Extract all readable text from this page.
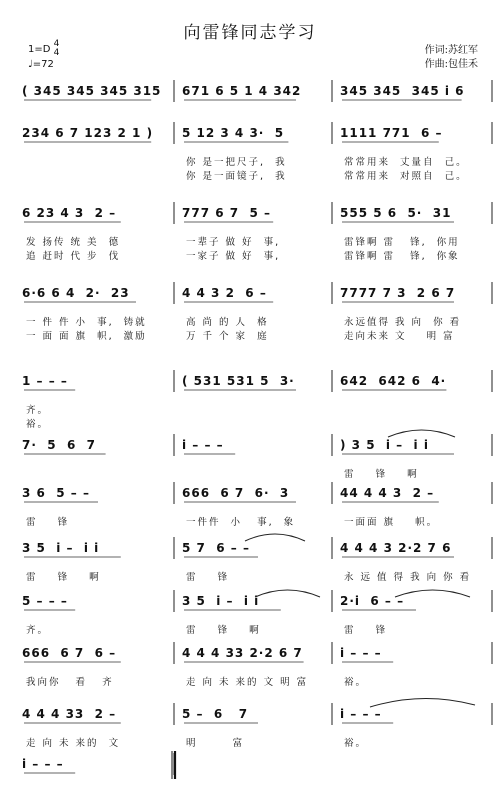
向雷锋同志学习
1=D 4
4
♩=72
作词:苏红军
作曲:包佳禾
( 345 345 345 315 671 6 5 1 4 342	345 345  345 i 6
234 6 7 123 2 1 ) 5 12 3 4 3·  5	1111 771  6 –
你 是一把尺子,  我	常常用来  丈量自  己。
你 是一面镜子,  我	常常用来  对照自  己。
6 23 4 3  2 –	777 6 7  5 –	555 5 6  5·  31
发 扬传 统 美  德	一辈子 做 好  事,	雷锋啊 雷   锋,  你用
追 赶时 代 步  伐	一家子 做 好  事,	雷锋啊 雷   锋,  你象
6·6 6 4  2·  23	4 4 3 2  6 –	7777 7 3  2 6 7
一 件 件 小  事,  铸就	高 尚 的 人  格	永远值得 我 向  你 看
一 面 面 旗  帜,  激励	万 千 个 家  庭	走向未来 文    明 富
1 – – –	( 531 531 5  3·	642  642 6  4·
齐。
裕。
7·  5  6  7	i – – –	) 3 5  i –  i i
雷    锋    啊
3 6  5 – –	666  6 7  6·  3	44 4 4 3  2 –
雷    锋	一件件  小   事,  象	一面面 旗    帜。
3 5  i –  i i	5 7  6 – –	4 4 4 3 2·2 7 6
雷    锋    啊	雷    锋	永 远 值 得 我 向 你 看
5 – – –	3 5  i –  i i	2·i  6 – –
齐。	雷    锋    啊	雷    锋
666  6 7  6 –	4 4 4 33 2·2 6 7	i – – –
我向你   看   齐	走 向 未 来的 文 明 富	裕。
4 4 4 33  2 –	5 –  6   7	i – – –
走 向 未 来的  文	明       富	裕。
i – – –
